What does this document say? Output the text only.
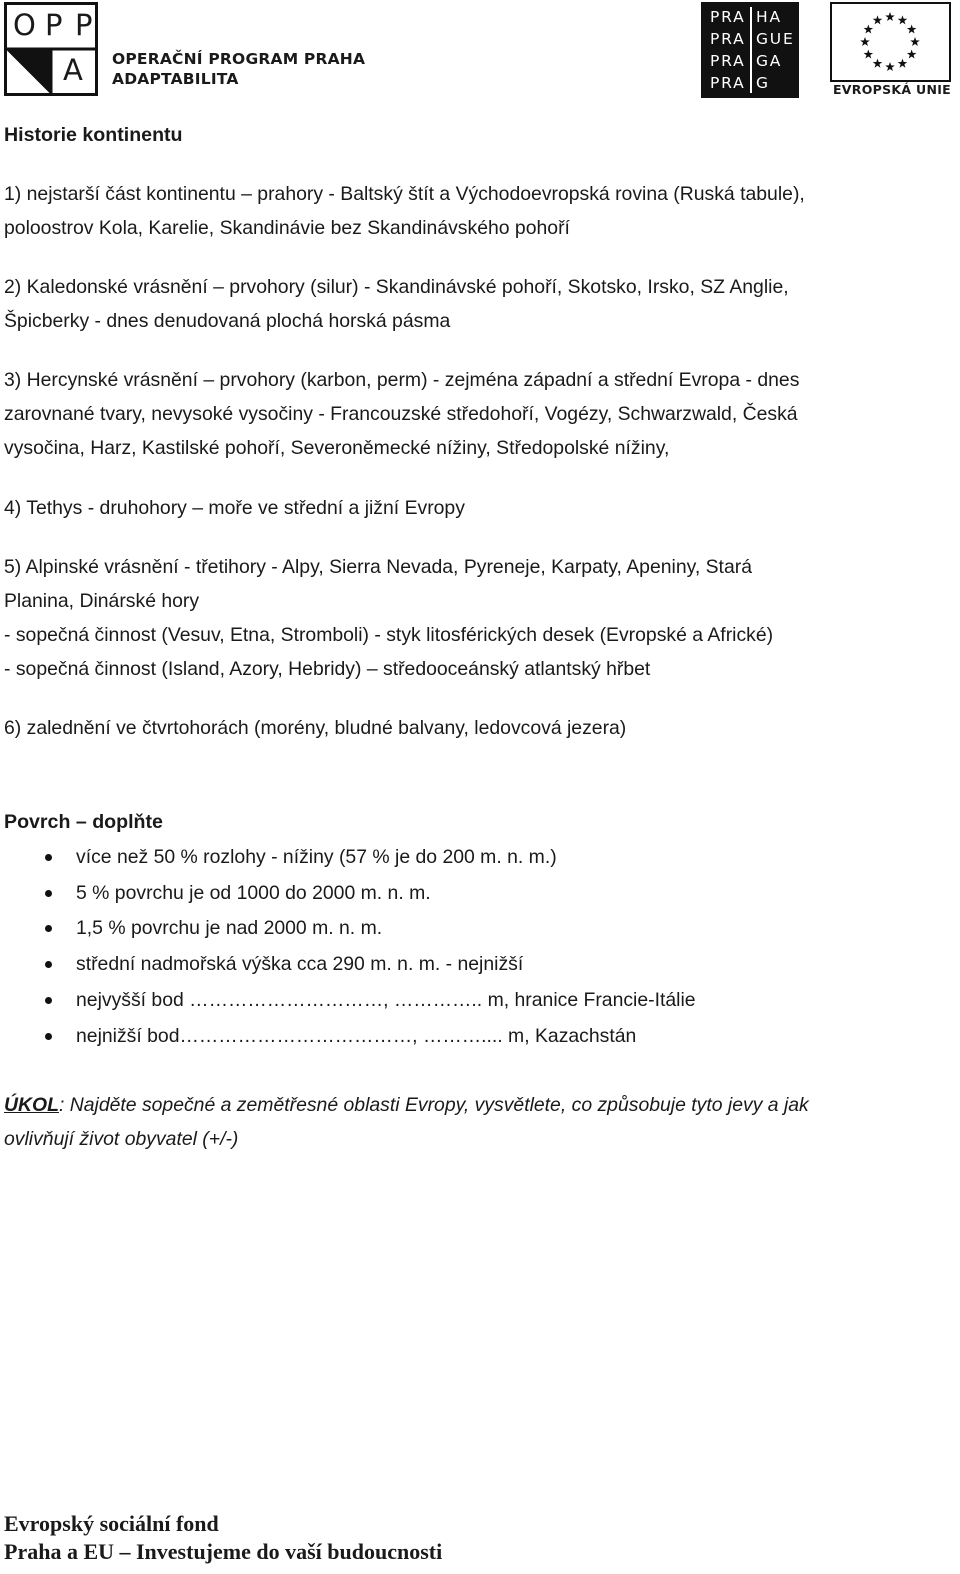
O P P
A OPERAČNÍ PROGRAM PRAHA
ADAPTABILITA
PRA HA
PRA GUE
PRA GA
PRA G	EVROPSKÁ UNIE
Historie kontinentu
1) nejstarší část kontinentu – prahory - Baltský štít a Východoevropská rovina (Ruská tabule),
poloostrov Kola, Karelie, Skandinávie bez Skandinávského pohoří
2) Kaledonské vrásnění – prvohory (silur) - Skandinávské pohoří, Skotsko, Irsko, SZ Anglie,
Špicberky - dnes denudovaná plochá horská pásma
3) Hercynské vrásnění – prvohory (karbon, perm) - zejména západní a střední Evropa - dnes
zarovnané tvary, nevysoké vysočiny - Francouzské středohoří, Vogézy, Schwarzwald, Česká
vysočina, Harz, Kastilské pohoří, Severoněmecké nížiny, Středopolské nížiny,
4) Tethys - druhohory – moře ve střední a jižní Evropy
5) Alpinské vrásnění - třetihory - Alpy, Sierra Nevada, Pyreneje, Karpaty, Apeniny, Stará
Planina, Dinárské hory
- sopečná činnost (Vesuv, Etna, Stromboli) - styk litosférických desek (Evropské a Africké)
- sopečná činnost (Island, Azory, Hebridy) – středooceánský atlantský hřbet
6) zalednění ve čtvrtohorách (morény, bludné balvany, ledovcová jezera)
Povrch – doplňte
více než 50 % rozlohy - nížiny (57 % je do 200 m. n. m.)
5 % povrchu je od 1000 do 2000 m. n. m.
1,5 % povrchu je nad 2000 m. n. m.
střední nadmořská výška cca 290 m. n. m. - nejnižší
nejvyšší bod …………………………, ………….. m, hranice Francie-Itálie
nejnižší bod………………………………, ……….... m, Kazachstán
ÚKOL: Najděte sopečné a zemětřesné oblasti Evropy, vysvětlete, co způsobuje tyto jevy a jak
ovlivňují život obyvatel (+/-)
Evropský sociální fond
Praha a EU – Investujeme do vaší budoucnosti
